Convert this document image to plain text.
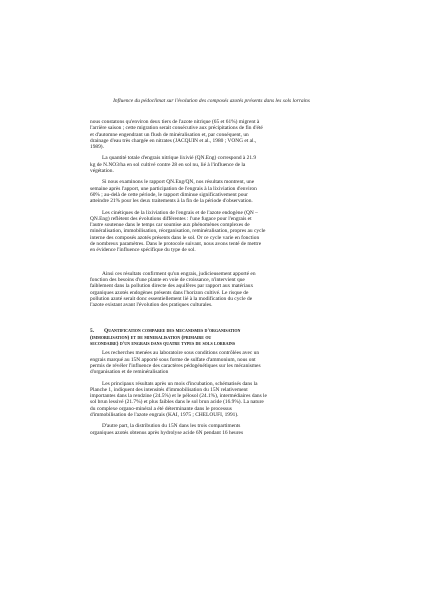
Influence du pédoclimat sur l'évolution des composés azotés présents dans les sols lorrains

nous constatons qu'environ deux tiers de l'azote nitrique (65 et 61%) migrent à
l'arrière saison ; cette migration serait consécutive aux précipitations de fin d'été
et d'automne engendrant un flush de minéralisation et, par conséquent, un
drainage d'eau très chargée en nitrates (JACQUIN et al., 1980 ; VONG et al.,
1989).

La quantité totale d'engrais nitrique lixivié (QN.Eng) correspond à 21.9
kg de N.NO3/ha en sol cultivé contre 28 en sol nu, lié à l'influence de la
végétation.

Si nous examinons le rapport QN.Eng/QN, nos résultats montrent, une
semaine après l'apport, une participation de l'engrais à la lixiviation d'environ
60% ; au-delà de cette période, le rapport diminue significativement pour
atteindre 21% pour les deux traitements à la fin de la période d'observation.

Les cinétiques de la lixiviation de l'engrais et de l'azote endogène (QN –
QN.Eng) reflètent des évolutions différentes : l'une fugace pour l'engrais et
l'autre soutenue dans le temps car soumise aux phénomènes complexes de
minéralisation, immobilisation, réorganisation, reminéralisation, propres au cycle
interne des composés azotés présents dans le sol. Or ce cycle varie en fonction
de nombreux paramètres. Dans le protocole suivant, nous avons tenté de mettre
en évidence l'influence spécifique du type de sol.

Ainsi ces résultats confirment qu'un engrais, judicieusement apporté en
fonction des besoins d'une plante en voie de croissance, n'intervient que
faiblement dans la pollution directe des aquifères par rapport aux matériaux
organiques azotés endogènes présents dans l'horizon cultivé. Le risque de
pollution azoté serait donc essentiellement lié à la modification du cycle de
l'azote existant avant l'évolution des pratiques culturales.

5. Quantification comparee des mecanismes d'organisation
(immobilisation) et de mineralisation (primaire ou
secondaire) d'un engrais dans quatre types de sols lorrains

Les recherches menées au laboratoire sous conditions contrôlées avec un
engrais marqué au 15N apporté sous forme de sulfate d'ammonium, nous ont
permis de révéler l'influence des caractères pédogénétiques sur les mécanismes
d'organisation et de reminéralisation

Les principaux résultats après un mois d'incubation, schématisés dans la
Planche 1, indiquent des intensités d'immobilisation du 15N relativement
importantes dans la rendzine (24.5%) et le pélosol (24.1%), intermédiaires dans le
sol brun lessivé (21.7%) et plus faibles dans le sol brun acide (16.9%). La nature
du complexe organo-minéral a été déterminante dans le processus
d'immobilisation de l'azote engrais (KAI, 1975 ; CHELOUFI, 1991).

D'autre part, la distribution du 15N dans les trois compartiments
organiques azotés obtenus après hydrolyse acide 6N pendant 16 heures
